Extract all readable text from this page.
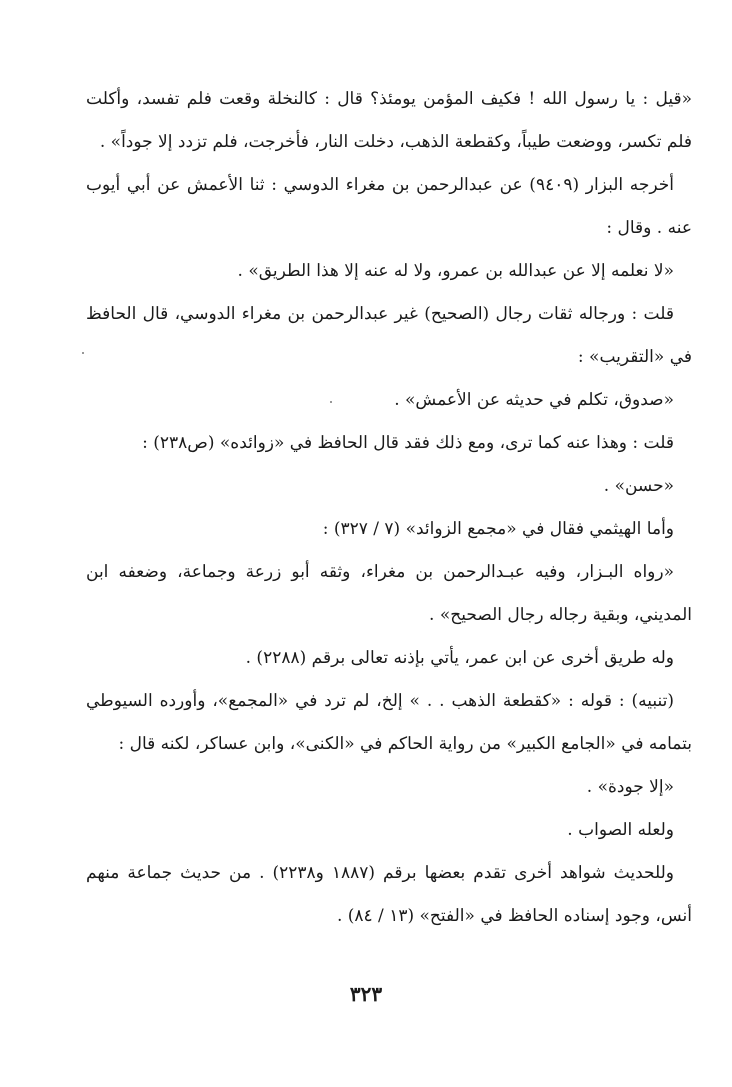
«قيل : يا رسول الله ! فكيف المؤمن يومئذ؟ قال : كالنخلة وقعت فلم تفسد، وأكلت فلم تكسر، ووضعت طيباً، وكقطعة الذهب، دخلت النار، فأخرجت، فلم تزدد إلا جوداً» .

أخرجه البزار (٩٤٠٩) عن عبدالرحمن بن مغراء الدوسي : ثنا الأعمش عن أبي أيوب عنه . وقال :

«لا نعلمه إلا عن عبدالله بن عمرو، ولا له عنه إلا هذا الطريق» .

قلت : ورجاله ثقات رجال (الصحيح) غير عبدالرحمن بن مغراء الدوسي، قال الحافظ في «التقريب» :

«صدوق، تكلم في حديثه عن الأعمش» .

قلت : وهذا عنه كما ترى، ومع ذلك فقد قال الحافظ في «زوائده» (ص٢٣٨) :

«حسن» .

وأما الهيثمي فقال في «مجمع الزوائد» (٧ / ٣٢٧) :

«رواه البـزار، وفيه عبـدالرحمن بن مغراء، وثقه أبو زرعة وجماعة، وضعفه ابن المديني، وبقية رجاله رجال الصحيح» .

وله طريق أخرى عن ابن عمر، يأتي بإذنه تعالى برقم (٢٢٨٨) .

(تنبيه) : قوله : «كقطعة الذهب . . » إلخ، لم ترد في «المجمع»، وأورده السيوطي بتمامه في «الجامع الكبير» من رواية الحاكم في «الكنى»، وابن عساكر، لكنه قال :

«إلا جودة» .

ولعله الصواب .

وللحديث شواهد أخرى تقدم بعضها برقم (١٨٨٧ و٢٢٣٨) . من حديث جماعة منهم أنس، وجود إسناده الحافظ في «الفتح» (١٣ / ٨٤) .

٣٢٣
